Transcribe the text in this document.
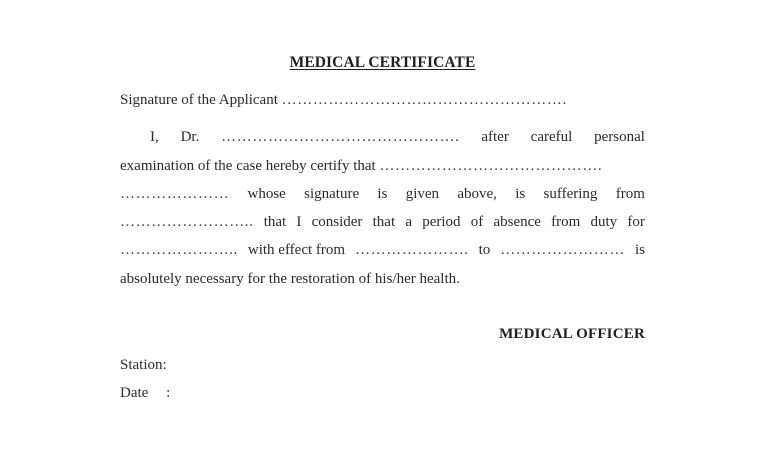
MEDICAL CERTIFICATE
Signature of the Applicant ……………………………………………….
I, Dr. ………………………………………. after careful personal
examination of the case hereby certify that …………………………………….
………………… whose signature is given above, is suffering from
…………………….. that I consider that a period of absence from duty for
………………….. with effect from …………………. to …………………… is
absolutely necessary for the restoration of his/her health.
MEDICAL OFFICER
Station:
Date :
